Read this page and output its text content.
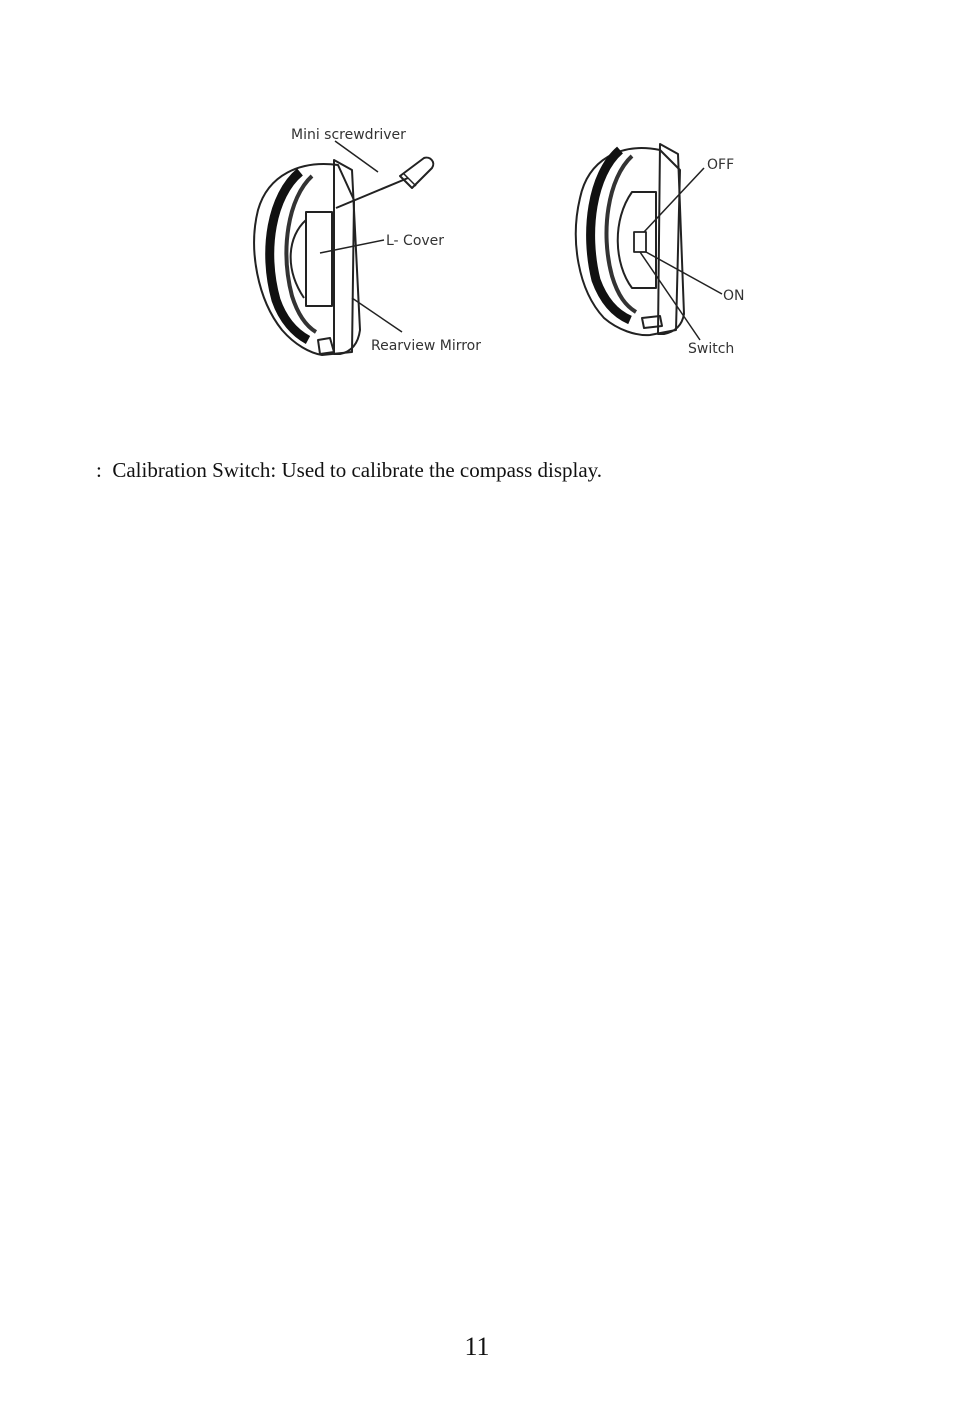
Mini screwdriver
L- Cover
Rearview Mirror
OFF
ON
Switch
: Calibration Switch: Used to calibrate the compass display.
11
